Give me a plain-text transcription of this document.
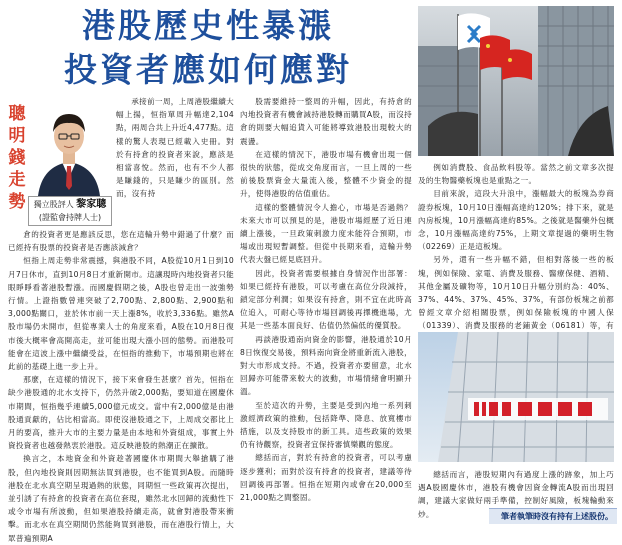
港股歷史性暴漲
投資者應如何應對
聰明錢走勢	獨立股評人 黎家聰
(證監會持牌人士)

承接前一周，上周港股繼續大幅上揚，恒指單周升幅達2,104點，兩周合共上升近4,477點。這樣的驚人表現已經載入史冊。對於有持倉的投資者來說，應該是相當喜悅。然而，也有不少人都是賺錢的，只是賺少的區別。然而，沒有持

倉的投資者更是應該反思，您在這輪升勢中錯過了什麼？而已經持有股票的投資者是否應該減倉？

恒指上周走勢非常震撼，與港股不同，A股從10月1日到10月7日休市，直到10月8日才重新開市。這讓現時內地投資者只能眼睜睜看著港股暫漲。而國慶假期之後，A股也曾走出一波強勢行情。上證指數曾連突破了2,700點、2,800點、2,900點和3,000點關口，並於休市前一天上漲8%，收於3,336點。雖然A股市場仍未開市，但從專業人士的角度來看，A股在10月8日復市後大概率會高開高走，並可能出現大漲小回的態勢。而港股可能會在這波上漲中繼續受益，在恒指的推動下，市場預期也將在此前的基礎上進一步上升。

那麼，在這樣的情況下，接下來會發生甚麼？首先，恒指在缺少港股通的北水支持下，仍然升破2,000點，要知道在國慶休市期間，恒指幾乎連續5,000億元成交。當中有2,000億是由港股通貢獻的，佔比相當高。即使沒港股通之下，上周成交都比上月的要高，推升大市的主要力量是由本地和外資組成，事實上外資投資者也越發熱衷於港股。這反映港股的熱潮正在擴散。

換言之，本地資金和外資趁著國慶休市期間大舉搶購了港股，但內地投資則因期無法買到港股，也不能買到A股。而隨時港股在北水真空期呈現過熱的狀態，同期恒一些政策再次提出，並引誘了有持倉的投資者在高位套現，雖然北水回歸的流動性下或令市場有所波動，但如果港股持續走高，就會對港股帶來衝擊。而北水在真空期間仍然能夠買到港股，而在港股行情上，大眾普遍預期A

股需要維持一整周的升幅，因此，有持倉的內地投資者有機會減持港股轉而購買A股，而沒持倉的則要大幅追貨入可能將導致港股出現較大的震盪。

在這樣的情況下，港股市場有機會出現一個很快的狀態，從成交角度而言，一旦上周的一些前後股票資金大量流入後，整體不少資金的提升，使得港股的估值重估。

這樣的整體情況令人擔心，市場是否過熱？未來大市可以預見的是，港股市場經歷了近日連續上漲後，一旦政策刺激力度未能符合預期，市場或出現短暫調整。但從中長期來看，這輪升勢代表大盤已經見底回升。

因此，投資者需要根據自身情況作出部署：如果已經持有港股，可以考慮在高位分段減持，鎖定部分利潤；如果沒有持倉，則不宜在此時高位追入，可耐心等待市場回調後再擇機進場，尤其是一些基本面良好、估值仍然偏低的優質股。

再談港股通南向資金的影響，港股通於10月8日恢復交易後，預料南向資金將重新流入港股，對大市形成支持。不過，投資者亦要留意，北水回歸亦可能帶來較大的波動，市場情緒會明顯升溫。

至於這次的升勢，主要是受到內地一系列刺激經濟政策的推動，包括降準、降息、放寬樓市措施，以及支持股市的新工具。這些政策的效果仍有待觀察，投資者宜保持審慎樂觀的態度。

總括而言，對於有持倉的投資者，可以考慮逐步獲利；而對於沒有持倉的投資者，建議等待回調後再部署。恒指在短期內或會在20,000至21,000點之間整固。

例如消費股、食品飲料股等。當然之前文章多次提及的生物醫藥板塊也是重點之一。

目前來說，這段大升浪中，漲幅最大的板塊為券商證券板塊，10月10日漲幅高達約120%；排下來，就是內房板塊，10月漲幅高達約85%。之後就是醫藥外包概念，10月漲幅高達約75%，上期文章提過的藥明生物（02269）正是這板塊。

另外，還有一些升幅不錯，但相對落後一些的板塊，例如保險、家電、消費及服務、醫療保健、酒精、其他金屬及礦物等，10月10日升幅分別約為：40%、37%、44%、37%、45%、37%，有部份板塊之前都曾經文章介紹相關股票，例如保險板塊的中國人保（01339）、消費及服務的老鋪黃金（06181）等，有

總括而言，港股短期內有過度上漲的跡象，加上巧遇A股國慶休市，港股有機會因資金轉流A股而出現回調，建議大家做好兩手準備，控制好風險，板塊輪動來炒。	筆者執筆時沒有持有上述股份。
